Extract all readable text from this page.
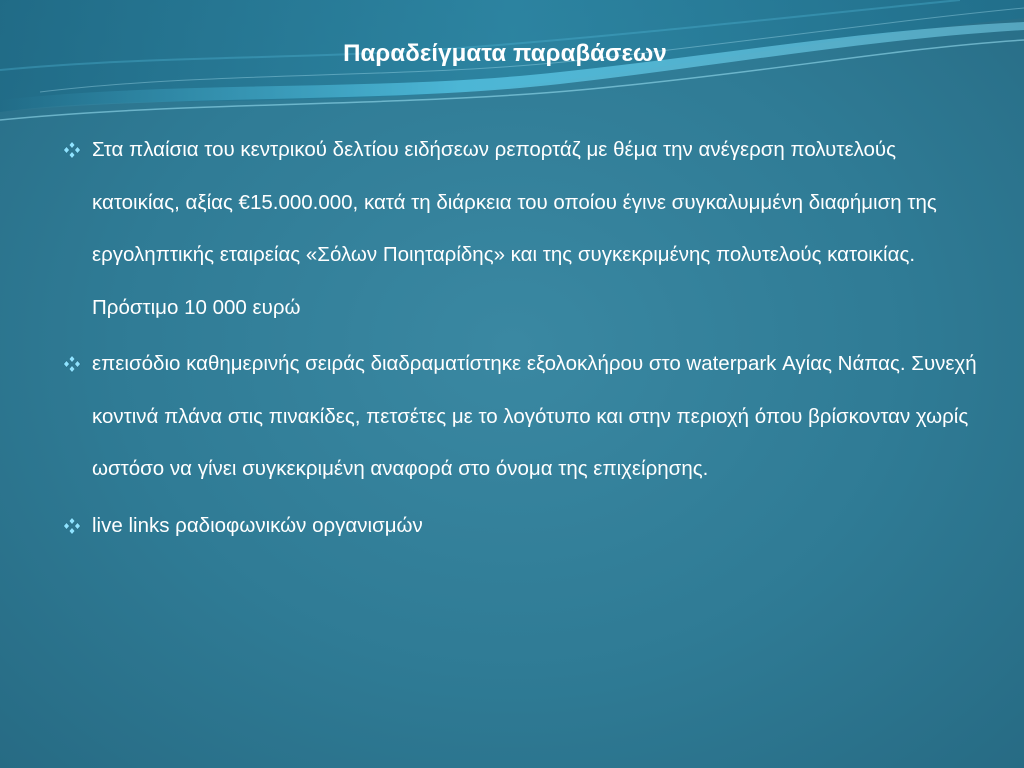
Παραδείγματα παραβάσεων
Στα πλαίσια του κεντρικού δελτίου ειδήσεων ρεπορτάζ με θέμα την ανέγερση πολυτελούς κατοικίας, αξίας €15.000.000, κατά τη διάρκεια του οποίου έγινε συγκαλυμμένη διαφήμιση της εργοληπτικής εταιρείας «Σόλων Ποιηταρίδης» και της συγκεκριμένης πολυτελούς κατοικίας. Πρόστιμο 10 000 ευρώ
επεισόδιο καθημερινής σειράς διαδραματίστηκε εξολοκλήρου στο waterpark Αγίας Νάπας. Συνεχή κοντινά πλάνα στις πινακίδες, πετσέτες με το λογότυπο και στην περιοχή όπου βρίσκονταν χωρίς ωστόσο να γίνει συγκεκριμένη αναφορά στο όνομα της επιχείρησης.
live links ραδιοφωνικών οργανισμών
